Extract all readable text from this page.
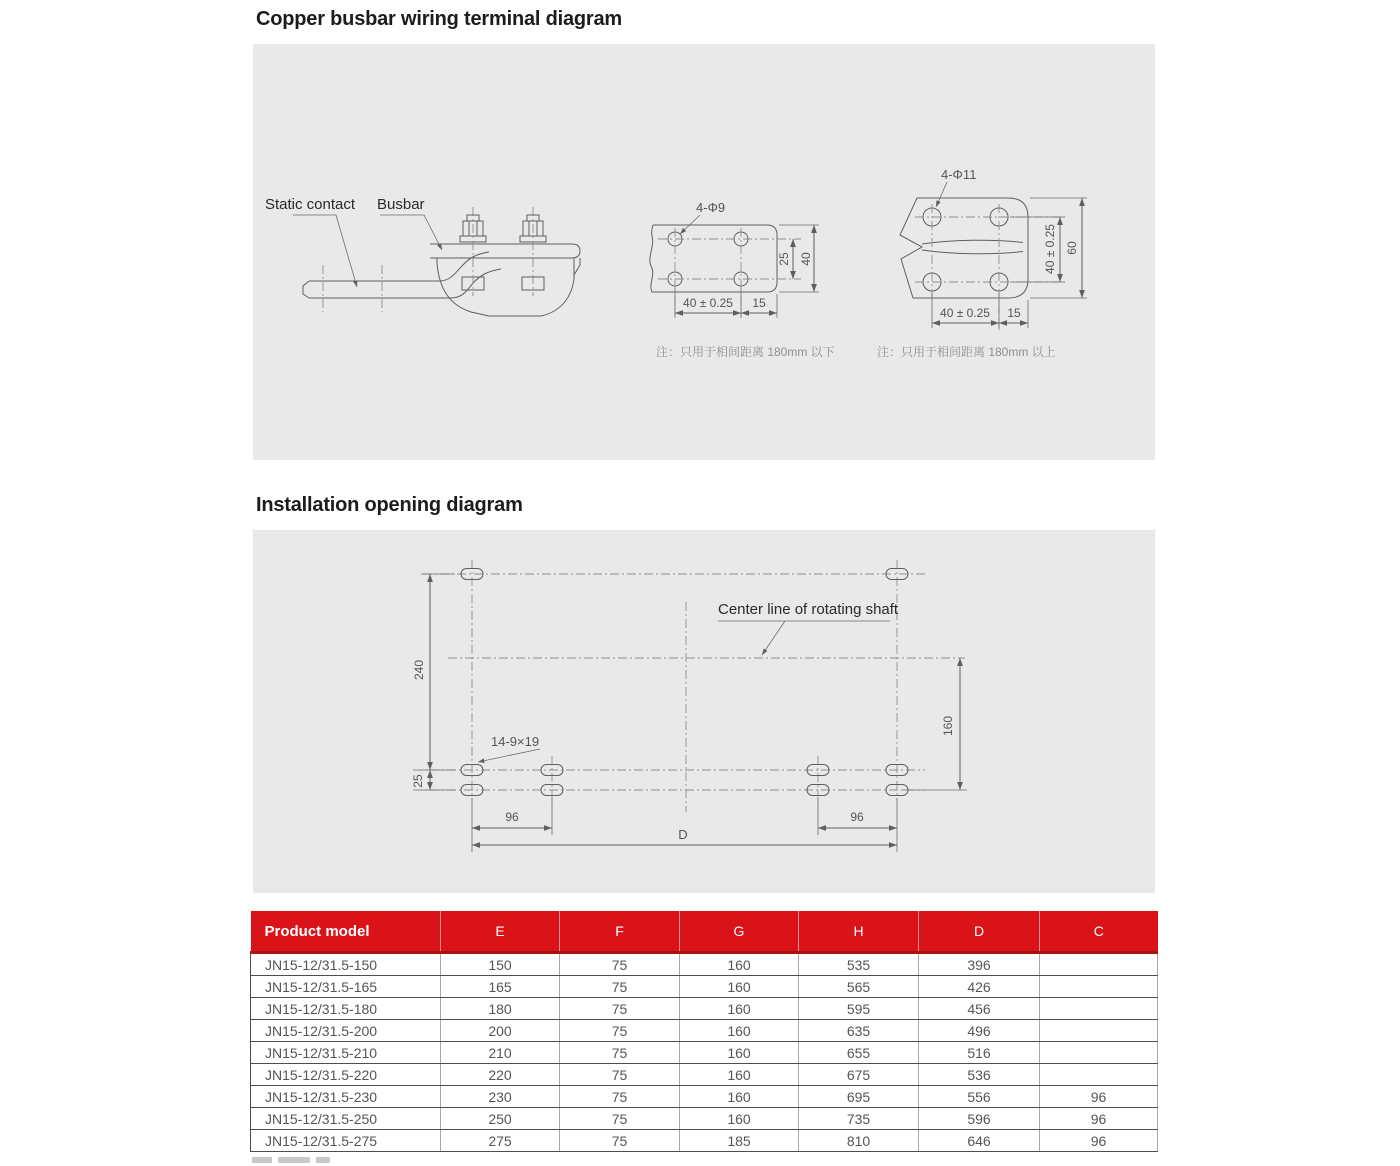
Copper busbar wiring terminal diagram
Static contact Busbar	4-Φ9
25 40
40 ± 0.25 15
注：只用于相间距离 180mm 以下
4-Φ11
40 ± 0.25 60
40 ± 0.25 15
注：只用于相间距离 180mm 以上
Installation opening diagram
Center line of rotating shaft
240
25
14-9×19
96	96
D
160
Product model	E	F	G	H	D	C
JN15-12/31.5-150	150	75	160	535	396	
JN15-12/31.5-165	165	75	160	565	426	
JN15-12/31.5-180	180	75	160	595	456	
JN15-12/31.5-200	200	75	160	635	496	
JN15-12/31.5-210	210	75	160	655	516	
JN15-12/31.5-220	220	75	160	675	536	
JN15-12/31.5-230	230	75	160	695	556	96
JN15-12/31.5-250	250	75	160	735	596	96
JN15-12/31.5-275	275	75	185	810	646	96
